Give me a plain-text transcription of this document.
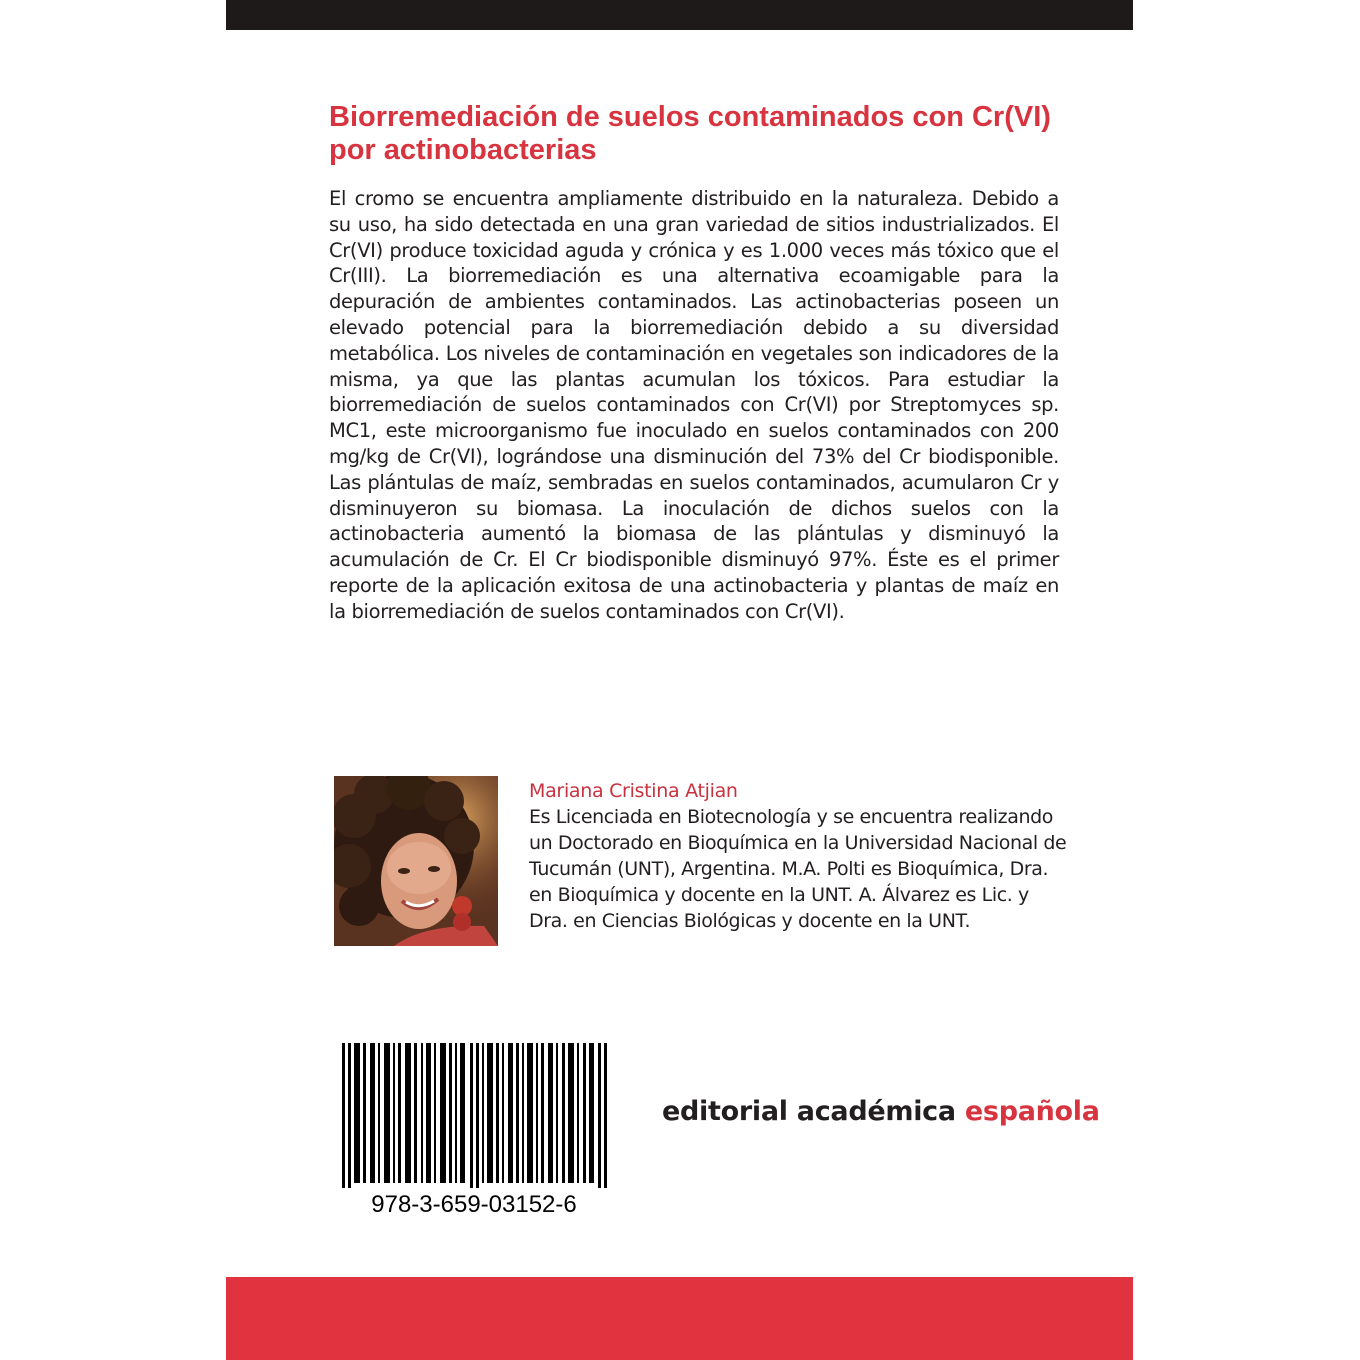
Biorremediación de suelos contaminados con Cr(VI) por actinobacterias

El cromo se encuentra ampliamente distribuido en la naturaleza. Debido a su uso, ha sido detectada en una gran variedad de sitios industrializados. El Cr(VI) produce toxicidad aguda y crónica y es 1.000 veces más tóxico que el Cr(III). La biorremediación es una alternativa ecoamigable para la depuración de ambientes contaminados. Las actinobacterias poseen un elevado potencial para la biorremediación debido a su diversidad metabólica. Los niveles de contaminación en vegetales son indicadores de la misma, ya que las plantas acumulan los tóxicos. Para estudiar la biorremediación de suelos contaminados con Cr(VI) por Streptomyces sp. MC1, este microorganismo fue inoculado en suelos contaminados con 200 mg/kg de Cr(VI), lográndose una disminución del 73% del Cr biodisponible. Las plántulas de maíz, sembradas en suelos contaminados, acumularon Cr y disminuyeron su biomasa. La inoculación de dichos suelos con la actinobacteria aumentó la biomasa de las plántulas y disminuyó la acumulación de Cr. El Cr biodisponible disminuyó 97%. Éste es el primer reporte de la aplicación exitosa de una actinobacteria y plantas de maíz en la biorremediación de suelos contaminados con Cr(VI).

Mariana Cristina Atjian

Es Licenciada en Biotecnología y se encuentra realizando un Doctorado en Bioquímica en la Universidad Nacional de Tucumán (UNT), Argentina. M.A. Polti es Bioquímica, Dra. en Bioquímica y docente en la UNT. A. Álvarez es Lic. y Dra. en Ciencias Biológicas y docente en la UNT.

978-3-659-03152-6
editorial académica española
